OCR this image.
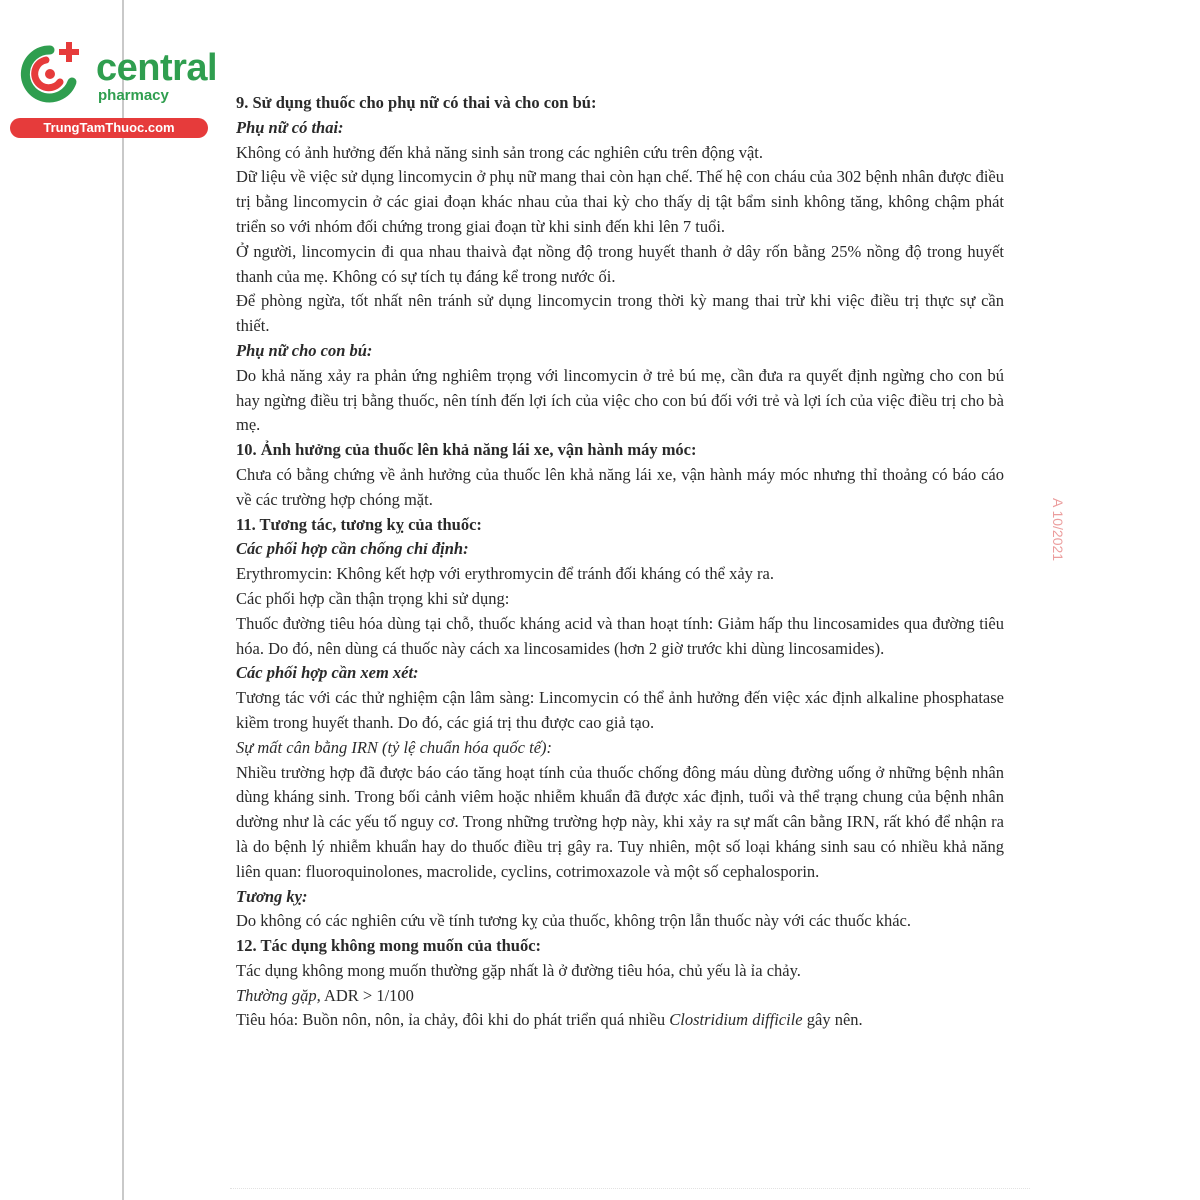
central
pharmacy
TrungTamThuoc.com
A 10/2021

9. Sử dụng thuốc cho phụ nữ có thai và cho con bú:

Phụ nữ có thai:

Không có ảnh hưởng đến khả năng sinh sản trong các nghiên cứu trên động vật.

Dữ liệu về việc sử dụng lincomycin ở phụ nữ mang thai còn hạn chế. Thế hệ con cháu của 302 bệnh nhân được điều trị bằng lincomycin ở các giai đoạn khác nhau của thai kỳ cho thấy dị tật bẩm sinh không tăng, không chậm phát triển so với nhóm đối chứng trong giai đoạn từ khi sinh đến khi lên 7 tuổi.

Ở người, lincomycin đi qua nhau thaivà đạt nồng độ trong huyết thanh ở dây rốn bằng 25% nồng độ trong huyết thanh của mẹ. Không có sự tích tụ đáng kể trong nước ối.

Để phòng ngừa, tốt nhất nên tránh sử dụng lincomycin trong thời kỳ mang thai trừ khi việc điều trị thực sự cần thiết.

Phụ nữ cho con bú:

Do khả năng xảy ra phản ứng nghiêm trọng với lincomycin ở trẻ bú mẹ, cần đưa ra quyết định ngừng cho con bú hay ngừng điều trị bằng thuốc, nên tính đến lợi ích của việc cho con bú đối với trẻ và lợi ích của việc điều trị cho bà mẹ.

10. Ảnh hưởng của thuốc lên khả năng lái xe, vận hành máy móc:

Chưa có bằng chứng về ảnh hưởng của thuốc lên khả năng lái xe, vận hành máy móc nhưng thỉ thoảng có báo cáo về các trường hợp chóng mặt.

11. Tương tác, tương kỵ của thuốc:

Các phối hợp cần chống chỉ định:

Erythromycin: Không kết hợp với erythromycin để tránh đối kháng có thể xảy ra.

Các phối hợp cần thận trọng khi sử dụng:

Thuốc đường tiêu hóa dùng tại chỗ, thuốc kháng acid và than hoạt tính: Giảm hấp thu lincosamides qua đường tiêu hóa. Do đó, nên dùng cá thuốc này cách xa lincosamides (hơn 2 giờ trước khi dùng lincosamides).

Các phối hợp cần xem xét:

Tương tác với các thử nghiệm cận lâm sàng: Lincomycin có thể ảnh hưởng đến việc xác định alkaline phosphatase kiềm trong huyết thanh. Do đó, các giá trị thu được cao giả tạo.

Sự mất cân bằng IRN (tỷ lệ chuẩn hóa quốc tế):

Nhiều trường hợp đã được báo cáo tăng hoạt tính của thuốc chống đông máu dùng đường uống ở những bệnh nhân dùng kháng sinh. Trong bối cảnh viêm hoặc nhiễm khuẩn đã được xác định, tuổi và thể trạng chung của bệnh nhân dường như là các yếu tố nguy cơ. Trong những trường hợp này, khi xảy ra sự mất cân bằng IRN, rất khó để nhận ra là do bệnh lý nhiễm khuẩn hay do thuốc điều trị gây ra. Tuy nhiên, một số loại kháng sinh sau có nhiều khả năng liên quan: fluoroquinolones, macrolide, cyclins, cotrimoxazole và một số cephalosporin.

Tương kỵ:

Do không có các nghiên cứu về tính tương kỵ của thuốc, không trộn lẫn thuốc này với các thuốc khác.

12. Tác dụng không mong muốn của thuốc:

Tác dụng không mong muốn thường gặp nhất là ở đường tiêu hóa, chủ yếu là ỉa chảy.

Thường gặp, ADR > 1/100

Tiêu hóa: Buồn nôn, nôn, ỉa chảy, đôi khi do phát triển quá nhiều Clostridium difficile gây nên.
